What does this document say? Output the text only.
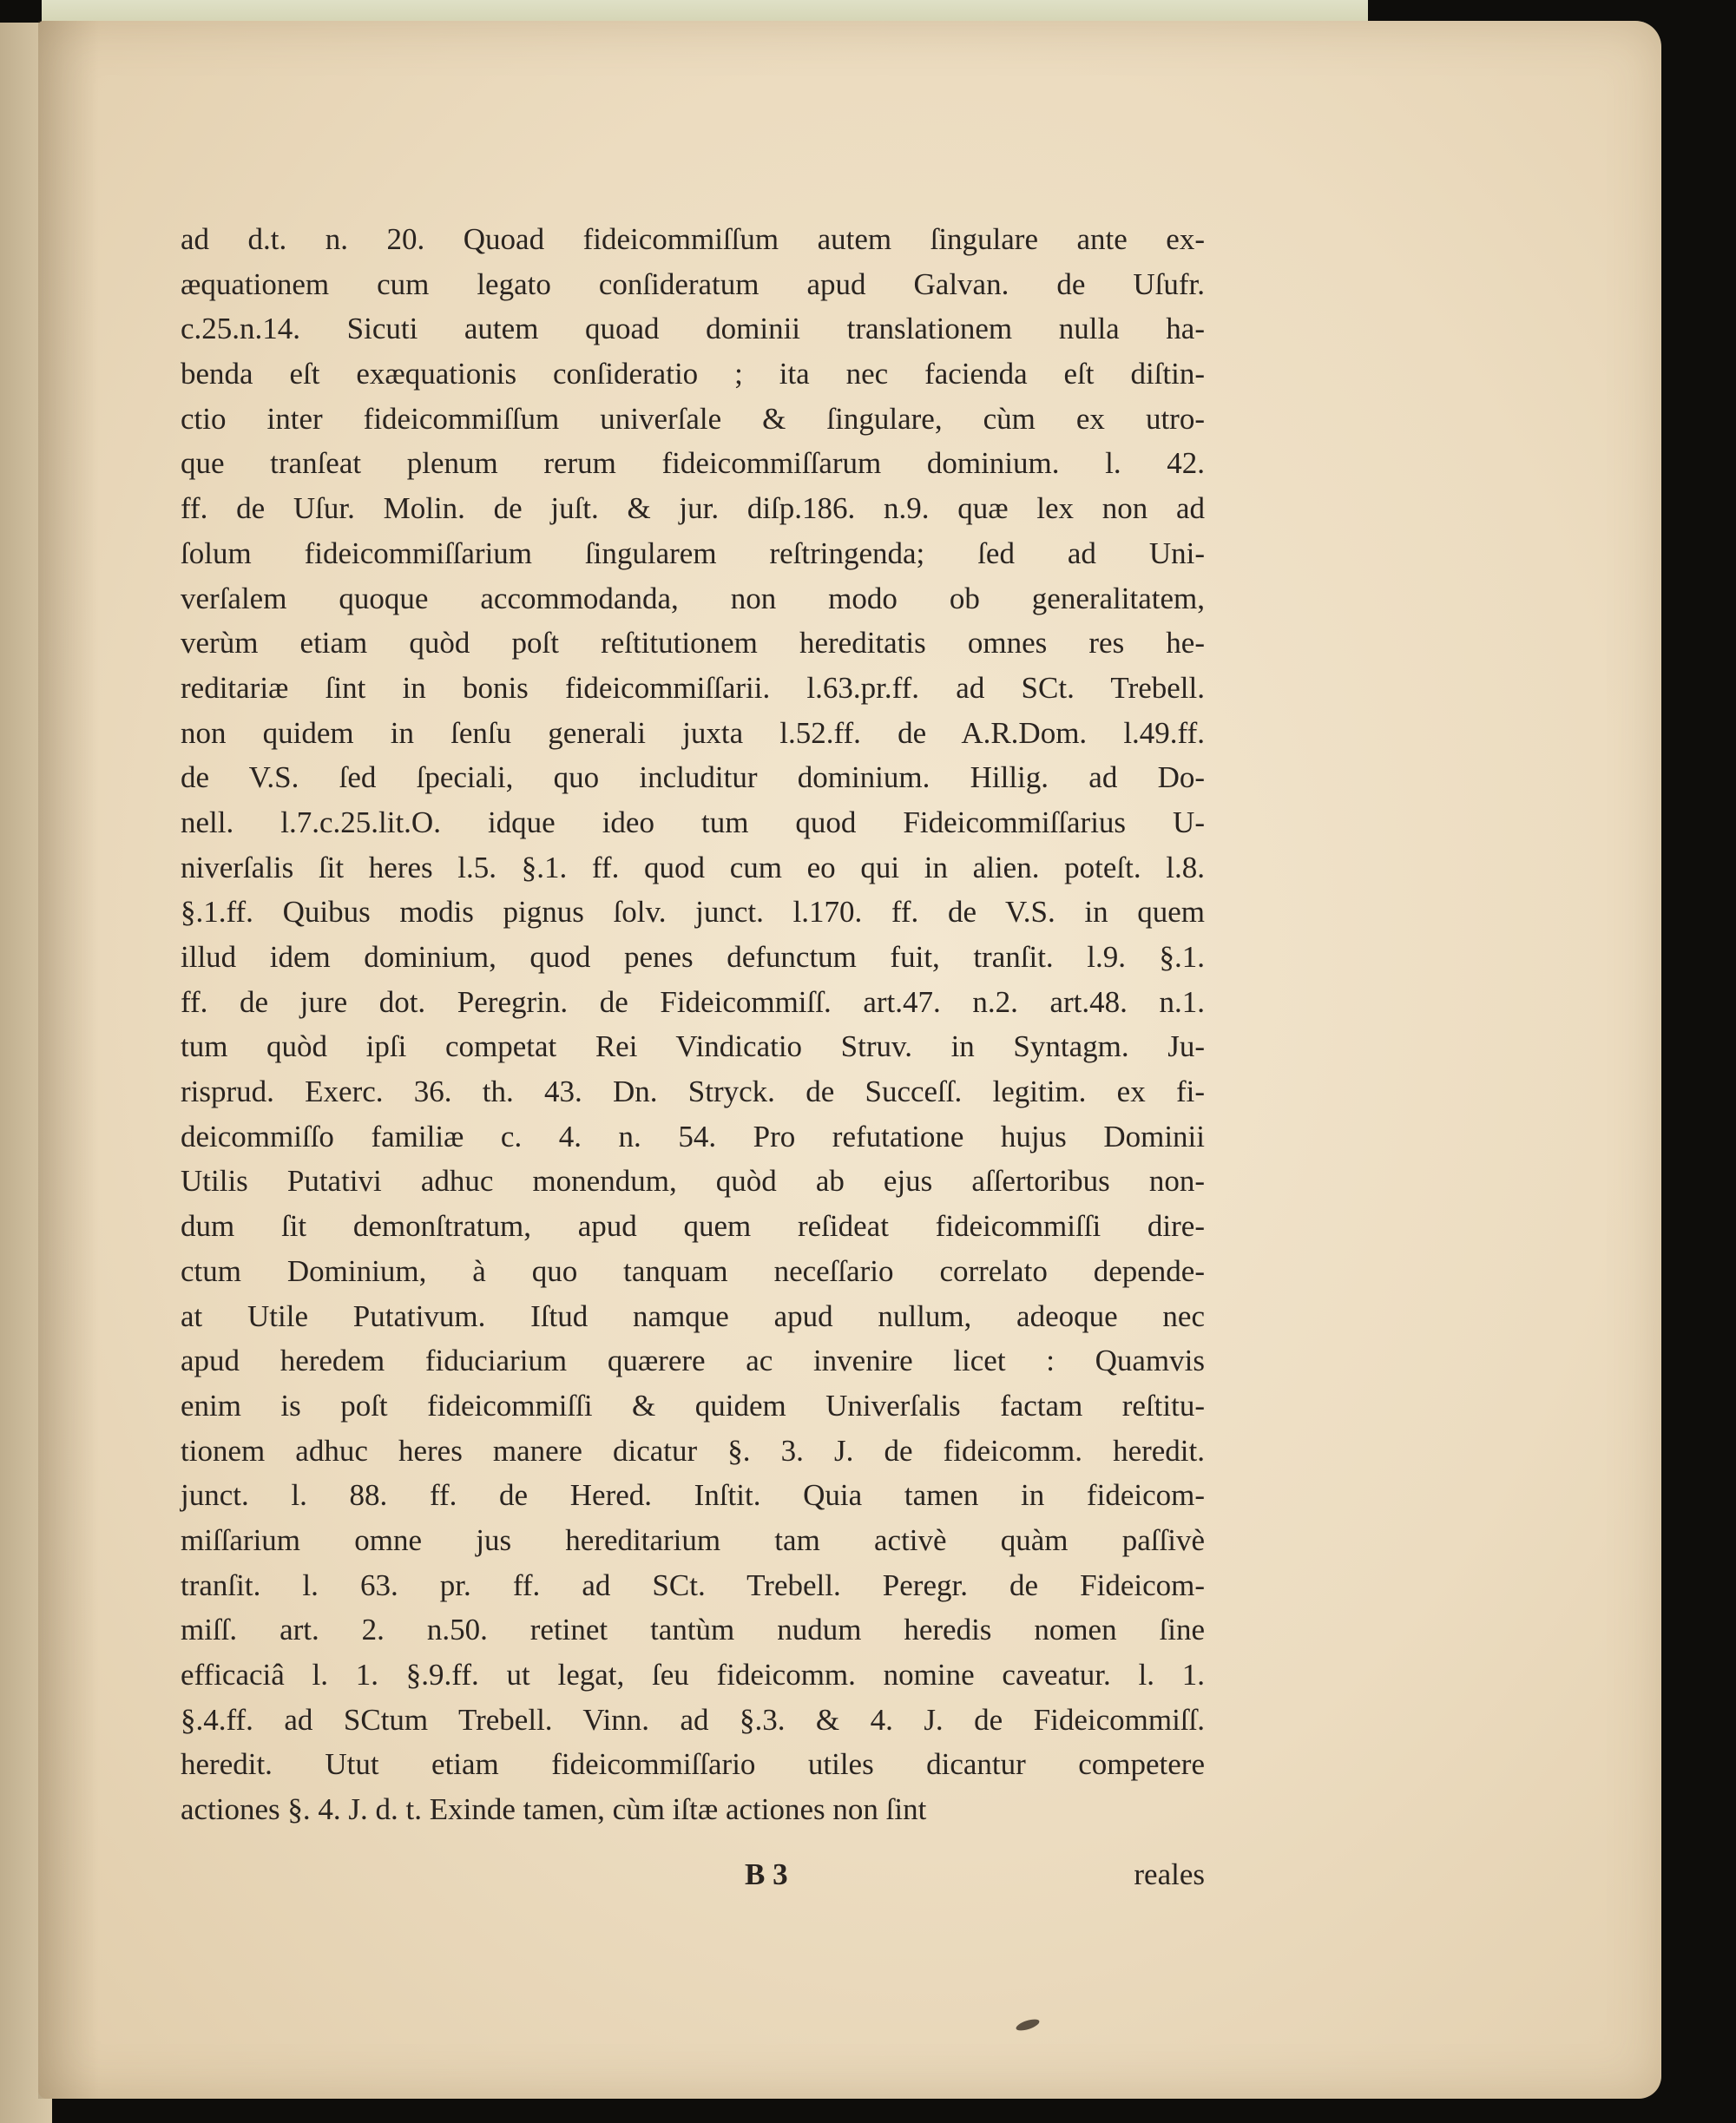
ad d.t. n. 20. Quoad fideicommiſſum autem ſingulare ante ex-
æquationem cum legato conſideratum apud Galvan. de Uſufr.
c.25.n.14. Sicuti autem quoad dominii translationem nulla ha-
benda eſt exæquationis conſideratio ; ita nec facienda eſt diſtin-
ctio inter fideicommiſſum univerſale & ſingulare, cùm ex utro-
que tranſeat plenum rerum fideicommiſſarum dominium. l. 42.
ff. de Uſur. Molin. de juſt. & jur. diſp.186. n.9. quæ lex non ad
ſolum fideicommiſſarium ſingularem reſtringenda; ſed ad Uni-
verſalem quoque accommodanda, non modo ob generalitatem,
verùm etiam quòd poſt reſtitutionem hereditatis omnes res he-
reditariæ ſint in bonis fideicommiſſarii. l.63.pr.ff. ad SCt. Trebell.
non quidem in ſenſu generali juxta l.52.ff. de A.R.Dom. l.49.ff.
de V.S. ſed ſpeciali, quo includitur dominium. Hillig. ad Do-
nell. l.7.c.25.lit.O. idque ideo tum quod Fideicommiſſarius U-
niverſalis ſit heres l.5. §.1. ff. quod cum eo qui in alien. poteſt. l.8.
§.1.ff. Quibus modis pignus ſolv. junct. l.170. ff. de V.S. in quem
illud idem dominium, quod penes defunctum fuit, tranſit. l.9. §.1.
ff. de jure dot. Peregrin. de Fideicommiſſ. art.47. n.2. art.48. n.1.
tum quòd ipſi competat Rei Vindicatio Struv. in Syntagm. Ju-
risprud. Exerc. 36. th. 43. Dn. Stryck. de Succeſſ. legitim. ex fi-
deicommiſſo familiæ c. 4. n. 54. Pro refutatione hujus Dominii
Utilis Putativi adhuc monendum, quòd ab ejus aſſertoribus non-
dum ſit demonſtratum, apud quem reſideat fideicommiſſi dire-
ctum Dominium, à quo tanquam neceſſario correlato depende-
at Utile Putativum. Iſtud namque apud nullum, adeoque nec
apud heredem fiduciarium quærere ac invenire licet : Quamvis
enim is poſt fideicommiſſi & quidem Univerſalis factam reſtitu-
tionem adhuc heres manere dicatur §. 3. J. de fideicomm. heredit.
junct. l. 88. ff. de Hered. Inſtit. Quia tamen in fideicom-
miſſarium omne jus hereditarium tam activè quàm paſſivè
tranſit. l. 63. pr. ff. ad SCt. Trebell. Peregr. de Fideicom-
miſſ. art. 2. n.50. retinet tantùm nudum heredis nomen ſine
efficaciâ l. 1. §.9.ff. ut legat, ſeu fideicomm. nomine caveatur. l. 1.
§.4.ff. ad SCtum Trebell. Vinn. ad §.3. & 4. J. de Fideicommiſſ.
heredit. Utut etiam fideicommiſſario utiles dicantur competere
actiones §. 4. J. d. t. Exinde tamen, cùm iſtæ actiones non ſint
B 3	reales
